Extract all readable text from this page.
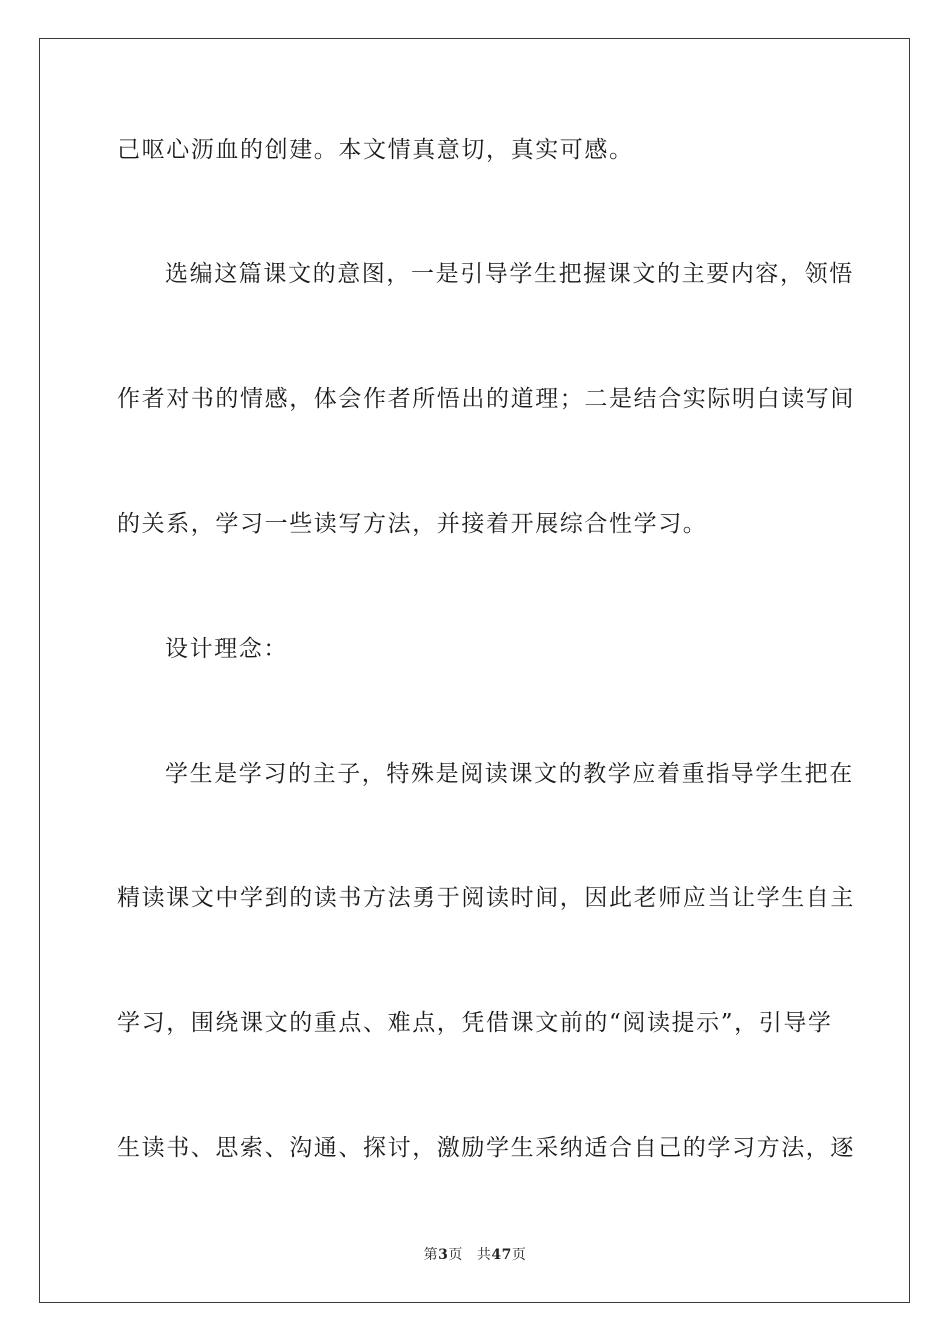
己呕心沥血的创建。本文情真意切，真实可感。

选编这篇课文的意图，一是引导学生把握课文的主要内容，领悟

作者对书的情感，体会作者所悟出的道理；二是结合实际明白读写间

的关系，学习一些读写方法，并接着开展综合性学习。

设计理念：

学生是学习的主子，特殊是阅读课文的教学应着重指导学生把在

精读课文中学到的读书方法勇于阅读时间，因此老师应当让学生自主

学习，围绕课文的重点、难点，凭借课文前的“阅读提示”，引导学

生读书、思索、沟通、探讨，激励学生采纳适合自己的学习方法，逐

第3页 共47页
